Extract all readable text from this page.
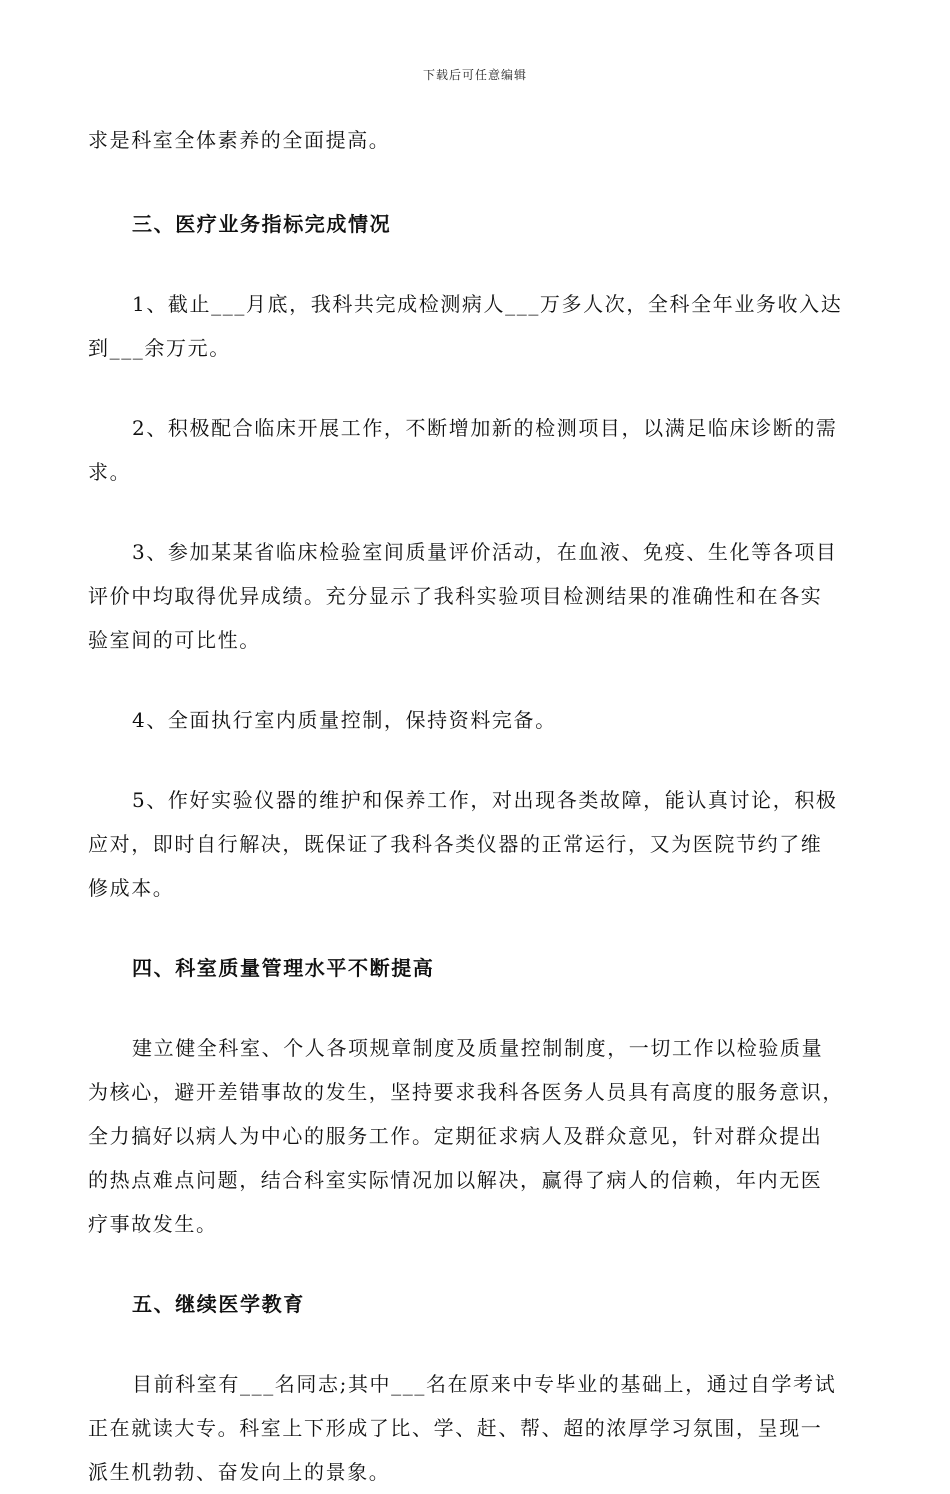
下载后可任意编辑
求是科室全体素养的全面提高。
三、医疗业务指标完成情况
1、截止___月底，我科共完成检测病人___万多人次，全科全年业务收入达
到___余万元。
2、积极配合临床开展工作，不断增加新的检测项目，以满足临床诊断的需
求。
3、参加某某省临床检验室间质量评价活动，在血液、免疫、生化等各项目
评价中均取得优异成绩。充分显示了我科实验项目检测结果的准确性和在各实
验室间的可比性。
4、全面执行室内质量控制，保持资料完备。
5、作好实验仪器的维护和保养工作，对出现各类故障，能认真讨论，积极
应对，即时自行解决，既保证了我科各类仪器的正常运行，又为医院节约了维
修成本。
四、科室质量管理水平不断提高
建立健全科室、个人各项规章制度及质量控制制度，一切工作以检验质量
为核心，避开差错事故的发生，坚持要求我科各医务人员具有高度的服务意识，
全力搞好以病人为中心的服务工作。定期征求病人及群众意见，针对群众提出
的热点难点问题，结合科室实际情况加以解决，赢得了病人的信赖，年内无医
疗事故发生。
五、继续医学教育
目前科室有___名同志;其中___名在原来中专毕业的基础上，通过自学考试
正在就读大专。科室上下形成了比、学、赶、帮、超的浓厚学习氛围，呈现一
派生机勃勃、奋发向上的景象。
